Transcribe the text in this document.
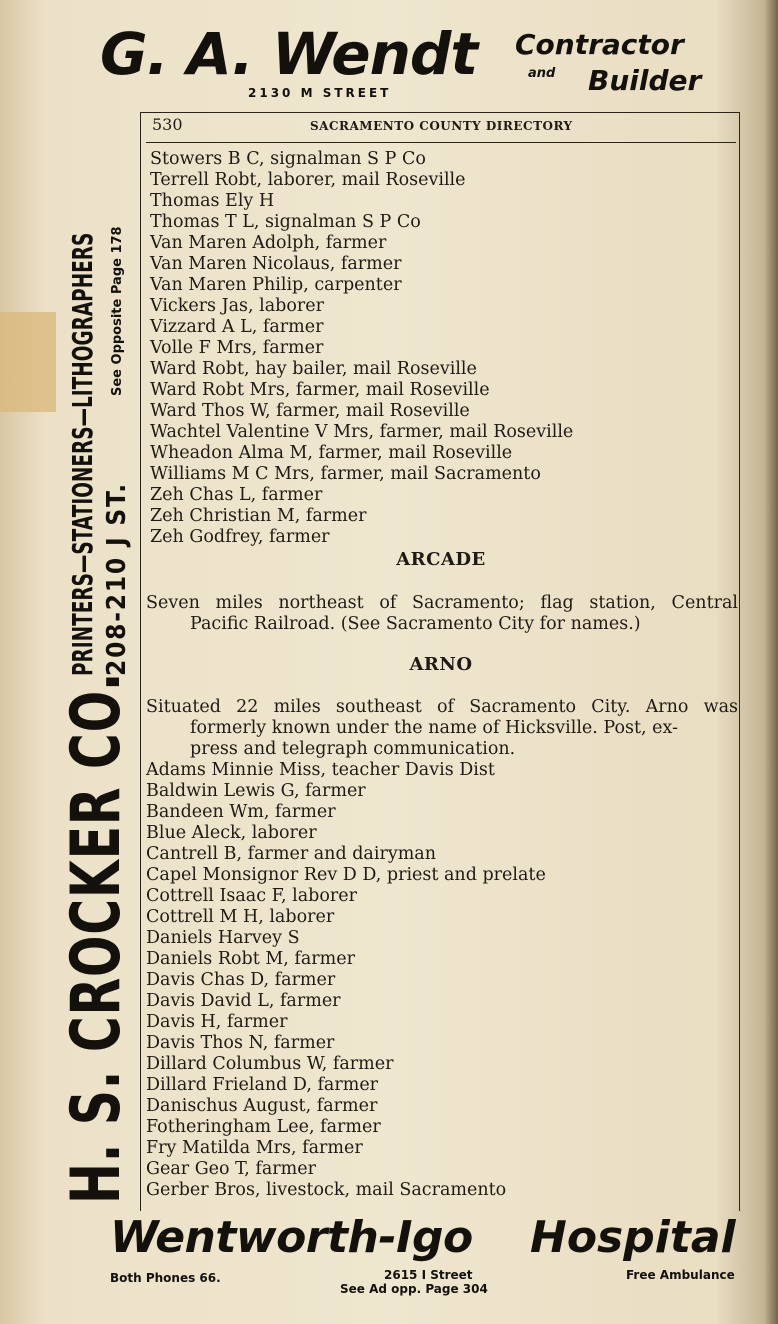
G. A. Wendt
2130 M STREET
Contractor
and Builder
H. S. CROCKER CO.
PRINTERS—STATIONERS—LITHOGRAPHERS 208-210 J ST.
See Opposite Page 178
530	SACRAMENTO COUNTY DIRECTORY
Stowers B C, signalman S P Co
Terrell Robt, laborer, mail Roseville
Thomas Ely H
Thomas T L, signalman S P Co
Van Maren Adolph, farmer
Van Maren Nicolaus, farmer
Van Maren Philip, carpenter
Vickers Jas, laborer
Vizzard A L, farmer
Volle F Mrs, farmer
Ward Robt, hay bailer, mail Roseville
Ward Robt Mrs, farmer, mail Roseville
Ward Thos W, farmer, mail Roseville
Wachtel Valentine V Mrs, farmer, mail Roseville
Wheadon Alma M, farmer, mail Roseville
Williams M C Mrs, farmer, mail Sacramento
Zeh Chas L, farmer
Zeh Christian M, farmer
Zeh Godfrey, farmer
ARCADE
Seven miles northeast of Sacramento; flag station, Central
Pacific Railroad. (See Sacramento City for names.)
ARNO
Situated 22 miles southeast of Sacramento City. Arno was
formerly known under the name of Hicksville. Post, ex-
press and telegraph communication.
Adams Minnie Miss, teacher Davis Dist
Baldwin Lewis G, farmer
Bandeen Wm, farmer
Blue Aleck, laborer
Cantrell B, farmer and dairyman
Capel Monsignor Rev D D, priest and prelate
Cottrell Isaac F, laborer
Cottrell M H, laborer
Daniels Harvey S
Daniels Robt M, farmer
Davis Chas D, farmer
Davis David L, farmer
Davis H, farmer
Davis Thos N, farmer
Dillard Columbus W, farmer
Dillard Frieland D, farmer
Danischus August, farmer
Fotheringham Lee, farmer
Fry Matilda Mrs, farmer
Gear Geo T, farmer
Gerber Bros, livestock, mail Sacramento
Wentworth-Igo Hospital
Both Phones 66.	2615 I Street
See Ad opp. Page 304
Free Ambulance
